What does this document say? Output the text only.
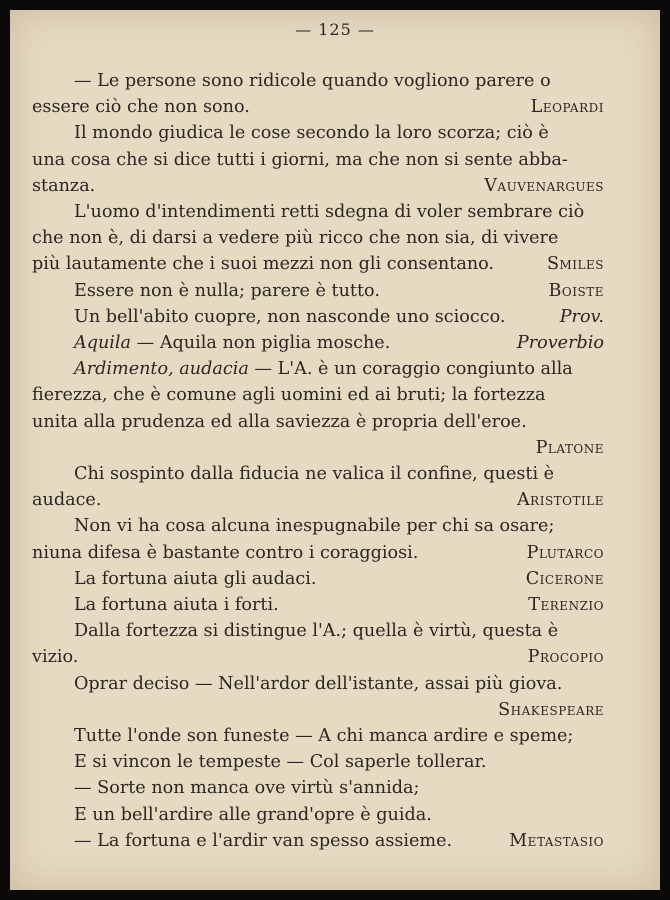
— 125 —
— Le persone sono ridicole quando vogliono parere o
essere ciò che non sono.	Leopardi
Il mondo giudica le cose secondo la loro scorza; ciò è
una cosa che si dice tutti i giorni, ma che non si sente abba-
stanza.	Vauvenargues
L'uomo d'intendimenti retti sdegna di voler sembrare ciò
che non è, di darsi a vedere più ricco che non sia, di vivere
più lautamente che i suoi mezzi non gli consentano.	Smiles
Essere non è nulla; parere è tutto.	Boiste
Un bell'abito cuopre, non nasconde uno sciocco.	Prov.
Aquila — Aquila non piglia mosche.	Proverbio
Ardimento, audacia — L'A. è un coraggio congiunto alla
fierezza, che è comune agli uomini ed ai bruti; la fortezza
unita alla prudenza ed alla saviezza è propria dell'eroe.
Platone
Chi sospinto dalla fiducia ne valica il confine, questi è
audace.	Aristotile
Non vi ha cosa alcuna inespugnabile per chi sa osare;
niuna difesa è bastante contro i coraggiosi.	Plutarco
La fortuna aiuta gli audaci.	Cicerone
La fortuna aiuta i forti.	Terenzio
Dalla fortezza si distingue l'A.; quella è virtù, questa è
vizio.	Procopio
Oprar deciso — Nell'ardor dell'istante, assai più giova.
Shakespeare
Tutte l'onde son funeste — A chi manca ardire e speme;
E si vincon le tempeste — Col saperle tollerar.
— Sorte non manca ove virtù s'annida;
E un bell'ardire alle grand'opre è guida.
— La fortuna e l'ardir van spesso assieme.	Metastasio
